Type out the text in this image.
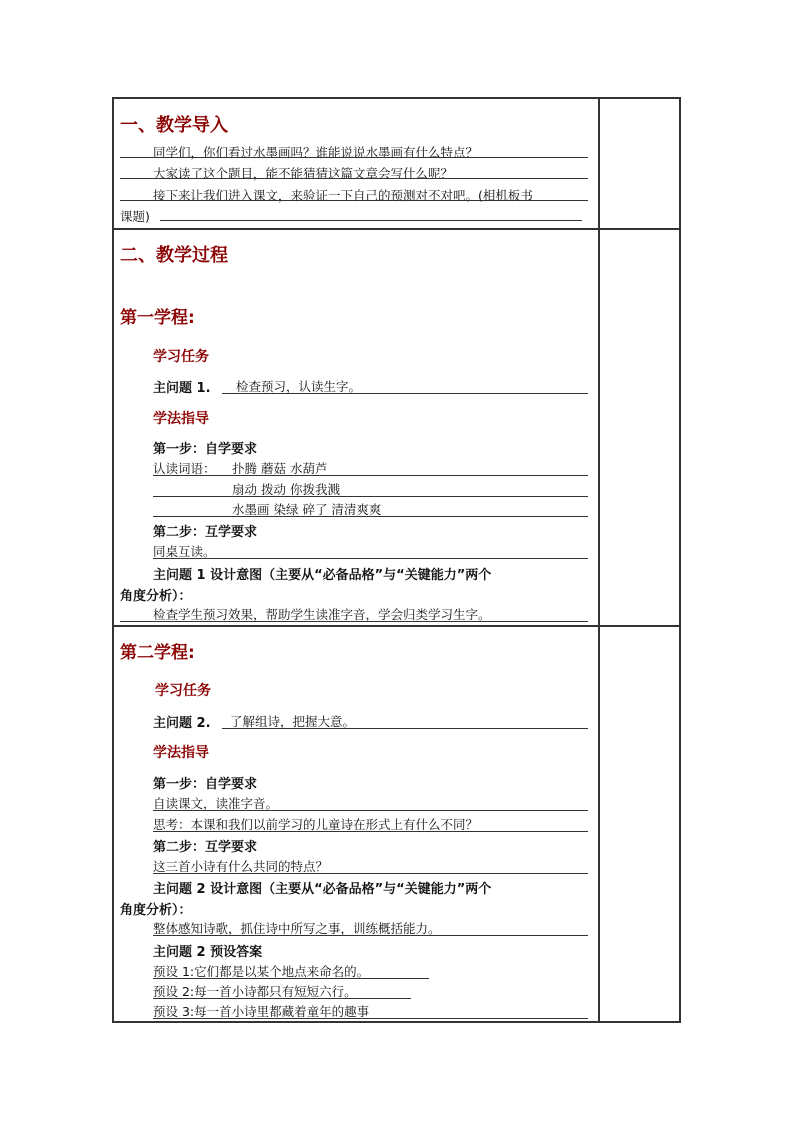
一、教学导入
同学们，你们看过水墨画吗？谁能说说水墨画有什么特点？
大家读了这个题目，能不能猜猜这篇文章会写什么呢？
接下来让我们进入课文，来验证一下自己的预测对不对吧。(相机板书
课题)
二、教学过程
第一学程:
学习任务
主问题 1. 检查预习，认读生字。
学法指导
第一步：自学要求
认读词语： 扑腾 蘑菇 水葫芦
扇动 拨动 你拨我溅
水墨画 染绿 碎了 清清爽爽
第二步：互学要求
同桌互读。
主问题 1 设计意图（主要从“必备品格”与“关键能力”两个
角度分析）：
检查学生预习效果，帮助学生读准字音，学会归类学习生字。
第二学程:
学习任务
主问题 2. 了解组诗，把握大意。
学法指导
第一步：自学要求
自读课文，读准字音。
思考：本课和我们以前学习的儿童诗在形式上有什么不同？
第二步：互学要求
这三首小诗有什么共同的特点？
主问题 2 设计意图（主要从“必备品格”与“关键能力”两个
角度分析）：
整体感知诗歌，抓住诗中所写之事，训练概括能力。
主问题 2 预设答案
预设 1:它们都是以某个地点来命名的。
预设 2:每一首小诗都只有短短六行。
预设 3:每一首小诗里都藏着童年的趣事
